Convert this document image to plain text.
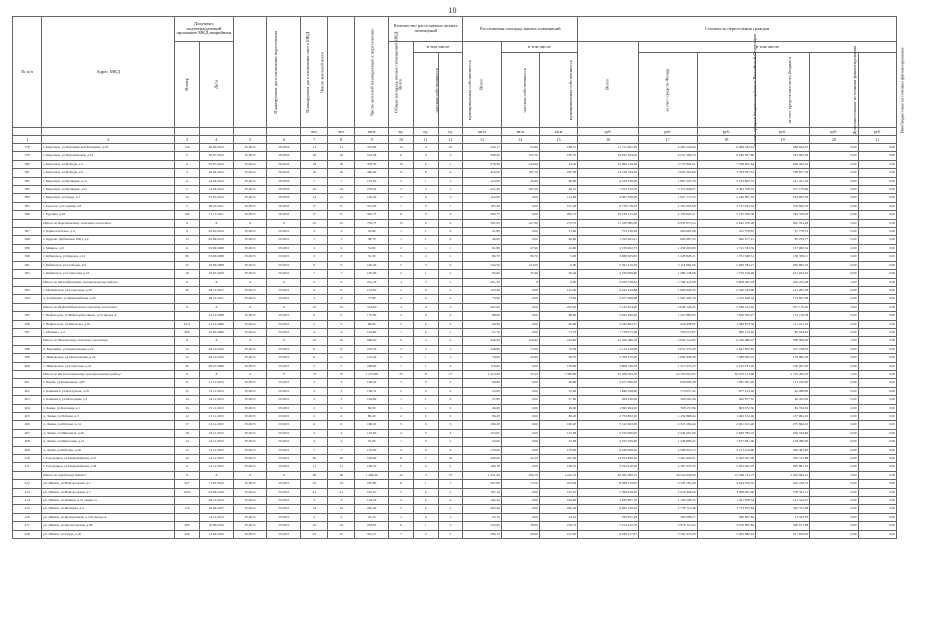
10
№ п/п	Адрес МКД	Документ, подтверждающий признание МКД аварийным		Планируемая дата окончания переселения	Планируемая дата окончания сноса МКД	Число жителей всего	Число жителей планируемых к переселению	Общая площадь жилых помещений МКД	Количество расселяемых жилых помещений			Расселяемая площадь жилых помещений			Стоимость переселения граждан					
		Номер	Дата						Всего	в том числе		Всего	в том числе		Всего	в том числе				
										частная собственность	муниципальная собственность		частная собственность	муниципальная собственность		за счет средств Фонда	за счет средств бюджета субъекта Российской Федерации	за счет средств местного бюджета	Дополнительные источники финансирования	Внебюджетные источники финансирования
						чел.	чел.	кв.м	ед.	ед.	ед.	кв.м	кв.м	кв.м	руб.	руб.	руб.	руб.	руб.	руб.
1	2	3	4	5	6	7	8	9	10	11	12	13	14	15	16	17	18	19	20	21
378	г. Кирсанов, ул.Партизанской Коммуны, д.16	134	26.09.2013	IV.2015	IV.2016	11	11	357,69	12	2	10	242,17	52,60	189,57	11 771 661,39	4 463 532,84	6 489 185,91	288 942,97	0,00	0,00
379	г. Кирсанов, ул.Партизанская, д.33	5	30.07.2012	IV.2015	IV.2016	18	16	514,38	6	3	3	308,40	122,70	185,70	16 612 544,06	6 231 599,79	9 036 637,86	524 002,28	0,00	0,00
380	г. Кирсанов, ул.Победы, д.3	4	30.07.2012	IV.2015	IV.2016	18	18	376,30	10	9	1	378,99	344,69	34,30	15 969 129,68	5 772 802,91	7 349 605,64	848 426,43	0,00	0,00
381	г. Кирсанов, ул.Победы, д.9	3	26.04.2012	IV.2015	IV.2016	16	16	446,00	12	8	4	416,00	165,70	250,30	14 129 744,09	5 623 361,09	7 784 947,61	769 657,39	0,00	0,00
382	г. Кирсанов, ул.Пушкина, д.12	6	19.04.2012	IV.2015	IV.2016	7	7	123,00	2	1	1	123,00	56,20	66,80	4 310 436,00	1 807 201,76	2 233 863,74	211 421,50	0,00	0,00
383	г. Кирсанов, ул.Пушкина, д.23	5	13.04.2012	IV.2015	IV.2016	19	19	276,61	3	2	1	231,20	183,10	48,10	7 913 532,56	3 172 826,67	4 363 768,53	377 179,60	0,00	0,00
384	г. Кирсанов, ул.Труда, д.3	13	25.05.2012	IV.2015	IV.2016	14	14	162,30	3	0	3	114,00	0,00	114,00	4 061 636,00	1 627 171,52	2 249 801,18	184 663,30	0,00	0,00
385	г. Горелое, ул.Садовая, д.8	2	28.10.2011	IV.2015	IV.2016	17	17	315,00	1	0	7	197,40	0,00	197,40	6 778 778,03	2 762 003,98	3 737 923,52	278 850,53	0,00	0,00
386	г. Рудовка, д.44	192	17.11.2011	IV.2015	IV.2016	17	17	305,75	8	0	8	295,75	0,00	295,75	10 216 131,00	4 156 622,21	5 735 028,36	324 556,43	0,00	0,00
	Итого по Кирсановскому сельскому поселению:	X	X	X	X	25	25	730,75	15	6	9	501,00	227,30	273,70	17 239 006,00	6 933 675,24	9 642 976,28	662 354,48	0,00	0,00
387	г. Борисоглебское, д.4	9	02.05.2012	IV.2015	IV.2015	2	2	43,90	1	1	0	21,80	0,00	21,80	753 130,28	299 981,28	415 378,87	37 770,13	0,00	0,00
388	г. Кудрово (Кубинское МО), д.4	13	02.08.2013	IV.2015	IV.2015	1	1	38,70	1	1	0	49,60	0,00	49,60	1 706 405,41	680 487,43	940 677,21	85 254,77	0,00	0,00
389	г. Мирное, д.9	11	03.09.2008	IV.2015	IV.2015	2	2	51,00	2	1	1	91,80	47,90	43,90	3 158 902,73	1 258 495,80	1 741 333,59	157 908,34	0,00	0,00
390	г. Кубинское, ул.Кирова, д.12	99	03.09.2008	IV.2015	IV.2015	3	3	51,30	3	2	1	89,70	89,70	0,00	3 086 505,83	1 228 828,21	1 701 368,51	156 309,11	0,00	0,00
391	г. Кубинское, ул.Свободы, д.6	15	16.09.2008	IV.2015	IV.2015	9	9	162,20	5	5	0	124,50	124,50	0,00	5 591 216,56	2 114 664,06	2 959 783,17	265 895,33	0,00	0,00
392	г. Кубинское, ул.Советская, д.10	16	19.07.2010	IV.2015	IV.2015	7	7	105,00	2	1	1	93,60	33,20	59,40	3 220 699,60	1 280 148,08	1 779 516,46	161 034,93	0,00	0,00
	Итого по Межадровскому муниципальному району:	X	X	X	X	9	9	261,36	4	3	1	261,30	8	0,00	6 933 258,81	2 768 421,68	3 828 095,18	346 245,48	0,00	0,00
393	г. Мучкапское, ул.Советская, д.18	30	28.12.2017	IV.2015	IV.2015	6	6	133,60	2	0	2	123,40	0,00	123,40	4 244 194,88	1 690 626,50	2 340 324,60	213 263,78	0,00	0,00
394	д. Тулиновка, ул.Первомайская, д.32		29.12.2011	IV.2015	IV.2015	3	3	77,80	2	0	2	73,90	0,00	73,90	2 677 098,98	1 065 402,56	1 475 849,34	133 847,08	0,00	0,00
	Итого по Нефтедобытчиков сельскому поселению:	X	X	X	X	16	16	544,60	4	0	4	207,60	0,00	207,60	7 143 654,90	2 848 126,25	3 938 104,65	357 170,90	0,00	0,00
395	г. Нефтегорск, ул.Нефтедобытчиков, д.55 литера А		31.12.2008	IV.2015	IV.2015	6	6	172,90	2	0	2	88,00	0,00	88,00	3 042 490,48	1 221 884,83	1 659 300,27	151 116,38	0,00	0,00
396	г. Нефтегорск, ул.Пирогова, д.32	2711	31.12.2009	IV.2015	IV.2015	5	5	66,90	2	0	2	66,90	0,00	66,90	2 326 802,57	929 458,65	1 289 873,59	111 101,35	0,00	0,00
397	г. Облично, д.3	900	25.05.2009	IV.2015	IV.2015	4	4	104,80	1	0	1	51,70	0,00	51,70	1 778 971,08	709 213,87	980 712,65	89 045,81	0,00	0,00
	Итого по Никольскому сельскому поселению:	X	X	X	X	29	29	680,00	6	4	2	346,00	100,40	245,60	12 490 486,00	4 664 742,83	6 449 086,97	586 998,00	0,00	0,00
398	п. Березайка, ул.Центральная, д.10	15	20.10.2010	IV.2015	IV.2015	8	8	223,70	3	2	1	148,80	75,50	74,30	5 114 418,96	2 051 231,28	2 841 852,85	257 738,03	0,00	0,00
399	с. Никольское, ул.Центральная, д.22	15	20.10.2010	IV.2015	IV.2015	6	6	141,20	2	1	1	78,60	29,90	48,70	2 709 470,00	1 082 958,28	1 589 995,22	136 980,50	0,00	0,00
400	с. Никольское, ул.Советская, д.21	20	06.10.2009	IV.2015	IV.2015	5	5	228,60	1	1	0	118,60	0,00	118,60	3 808 746,58	1 517 473,23	2 102 233,20	190 207,30	0,00	0,00
	Итого по Нижнеломовскому муниципальному району:	X	X	X	X	73	73	1 277,88	35	8	27	1 413,90	33,10	1 380,80	55 468 305,00	22 105 061,85	30 670 123,88	2 719 460,05	0,00	0,00
401	г. Илемь, ул.Кокшенова, д.65	11	11.11.2015	IV.2015	IV.2015	3	3	106,20	3	0	3	66,80	0,00	66,80	2 271 060,00	928 802,28	1 287 001,20	113 256,00	0,00	0,00
402	г. Кокшенга, ул.Калтурная, д.19	15	13.11.2015	IV.2015	IV.2015	3	3	106,72	2	0	2	55,60	0,00	55,60	1 846 328,00	774 057,42	977 215,20	92 288,00	0,00	0,00
403	г. Кокшенга, ул.Молодежи, д.3	14	14.11.2015	IV.2015	IV.2015	3	3	104,80	1	1	0	27,80	0,00	27,80	929 430,00	396 205,46	492 877,10	46 452,00	0,00	0,00
404	г. Лемья, ул.Болховая, д.1	16	15.11.2015	IV.2015	IV.2015	2	2	99,90	1	1	0	49,00	0,00	49,00	1 696 994,00	708 157,86	903 672,30	84 764,50	0,00	0,00
405	д. Лемья, ул.Победы, д.5	12	15.11.2015	IV.2015	IV.2015	2	2	80,20	2	0	2	80,20	0,00	80,20	2 759 882,00	1 159 868,44	1 462 532,46	137 964,10	0,00	0,00
406	д. Лемья, ул.Рабочая, д.14	17	15.11.2015	IV.2015	IV.2015	6	6	160,20	5	0	5	160,20	0,00	160,20	5 512 482,00	2 315 262,44	2 921 615,46	275 604,10	0,00	0,00
407	д. Лемья, ул.Школьная, д.20	18	16.11.2015	IV.2015	IV.2015	4	4	153,00	4	0	4	153,00	0,00	153,00	5 523 006,00	2 249 691,00	2 826 785,16	246 529,84	0,00	0,00
408	д. Лемья, ул.Цветочная, д.21	14	13.11.2015	IV.2015	IV.2015	2	2	52,00	1	0	1	52,00	0,00	52,00	3 193 700,00	1 328 806,47	1 677 821,00	159 286,00	0,00	0,00
409	д. Лемья, ул.Рабочая, д.38	13	13.11.2015	IV.2015	IV.2015	7	7	179,00	4	0	4	179,00	0,00	179,00	6 180 000,00	2 599 616,13	3 271 419,90	309 381,60	0,00	0,00
410	г. Городецкое, ул.Первомайская, д.51	10	12.11.2015	IV.2015	IV.2015	26	26	519,90	11	1	10	459,00	33,10	425,90	14 814 826,00	5 461 649,01	9 562 047,06	790 741,88	0,00	0,00
411	г. Городецкое, ул.Первомайская, д.58	9	12.11.2015	IV.2015	IV.2015	11	11	166,10	5	0	5	166,10	0,00	166,10	5 525 910,00	2 187 055,70	2 953 022,18	295 881,19	0,00	0,00
	Итого по городскому Шимск:	X	X	X	X	98	98	1 488,40	42	5	37	1 451,46	208,79	1 242,70	46 992 900,25	18 344 038,00	22 598 714,77	2 049 684,41	0,00	0,00
412	рп. Шимск, ул.Новгородская, д.1	427	11.05.2010	IV.2015	IV.2015	19	19	297,80	8	1	7	297,80	74,70	223,20	8 388 279,95	3 345 781,49	4 624 076,55	419 418,72	0,00	0,00
413	рп. Шимск, ул.Новгородская, д.7	1935	03.06.2010	IV.2015	IV.2015	21	21	197,10	5	0	5	197,10	0,00	197,10	5 566 818,00	2 219 394,60	3 068 905,00	278 341,11	0,00	0,00
414	рп. Шимск, ул.Ленина, д.31 литера А		26.12.2013	IV.2015	IV.2015	3	3	104,20	4	0	4	104,20	0,00	104,20	2 830 891,70	1 129 509,35	1 561 659,54	141 542,07	0,00	0,00
415	рп. Шимск, ул.Шевчука, д.4	110	18.04.2017	IV.2015	IV.2015	14	14	265,40	5	0	5	265,40	0,00	265,40	6 962 539,64	2 778 715,46	3 774 295,83	362 372,48	0,00	0,00
416	рп. Шимск, ул.Центральная, д.129 литера А		13.11.2015	IV.2015	IV.2015	2	2	23,10	1	0	1	23,10	0,00	23,10	706 931,28	282 006,17	390 861,84	31 345,83	0,00	0,00
417	рп. Шимск, ул.Пролетарская, д.38	405	10.06.2010	IV.2015	IV.2015	19	19	293,65	6	1	5	255,65	38,90	216,75	7 213 432,76	2 876 115,02	3 976 605,84	360 671,88	0,00	0,00
418	рп. Шимск, ул.Труда, д.16	426	12.04.2010	IV.2015	IV.2015	23	23	301,15	7	2	5	284,15	98,50	215,65	9 436 217,07	3 763 473,20	5 202 882,42	471 810,93	0,00	0,00
